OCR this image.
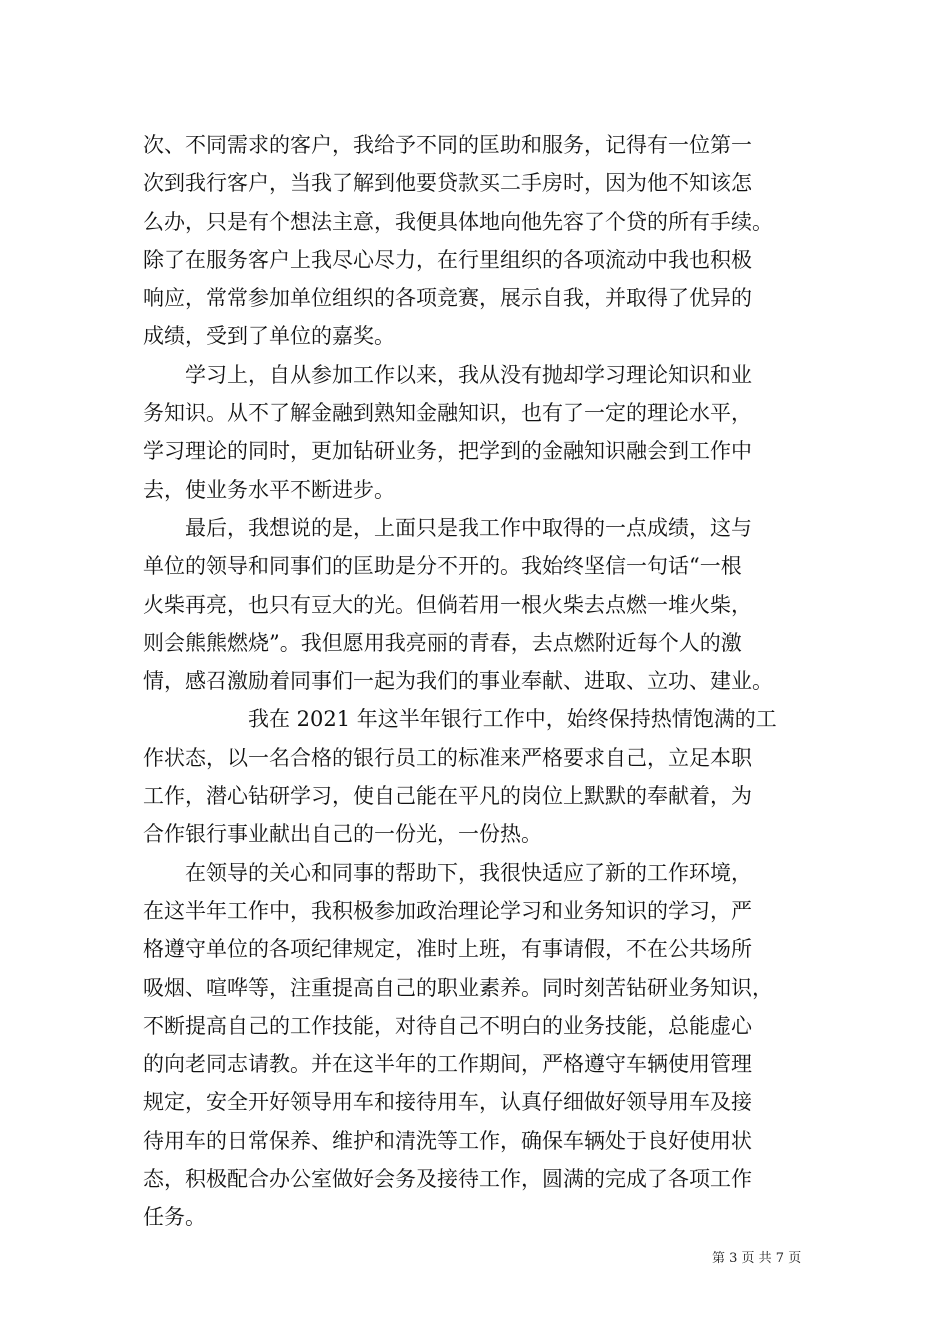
次、不同需求的客户，我给予不同的匡助和服务，记得有一位第一
次到我行客户，当我了解到他要贷款买二手房时，因为他不知该怎
么办，只是有个想法主意，我便具体地向他先容了个贷的所有手续。
除了在服务客户上我尽心尽力，在行里组织的各项流动中我也积极
响应，常常参加单位组织的各项竞赛，展示自我，并取得了优异的
成绩，受到了单位的嘉奖。
　　学习上，自从参加工作以来，我从没有抛却学习理论知识和业
务知识。从不了解金融到熟知金融知识，也有了一定的理论水平，
学习理论的同时，更加钻研业务，把学到的金融知识融会到工作中
去，使业务水平不断进步。
　　最后，我想说的是，上面只是我工作中取得的一点成绩，这与
单位的领导和同事们的匡助是分不开的。我始终坚信一句话“一根
火柴再亮，也只有豆大的光。但倘若用一根火柴去点燃一堆火柴，
则会熊熊燃烧”。我但愿用我亮丽的青春，去点燃附近每个人的激
情，感召激励着同事们一起为我们的事业奉献、进取、立功、建业。
　　　　　我在 2021 年这半年银行工作中，始终保持热情饱满的工
作状态，以一名合格的银行员工的标准来严格要求自己，立足本职
工作，潜心钻研学习，使自己能在平凡的岗位上默默的奉献着，为
合作银行事业献出自己的一份光，一份热。
　　在领导的关心和同事的帮助下，我很快适应了新的工作环境，
在这半年工作中，我积极参加政治理论学习和业务知识的学习，严
格遵守单位的各项纪律规定，准时上班，有事请假，不在公共场所
吸烟、喧哗等，注重提高自己的职业素养。同时刻苦钻研业务知识，
不断提高自己的工作技能，对待自己不明白的业务技能，总能虚心
的向老同志请教。并在这半年的工作期间，严格遵守车辆使用管理
规定，安全开好领导用车和接待用车，认真仔细做好领导用车及接
待用车的日常保养、维护和清洗等工作，确保车辆处于良好使用状
态，积极配合办公室做好会务及接待工作，圆满的完成了各项工作
任务。
第 3 页 共 7 页
